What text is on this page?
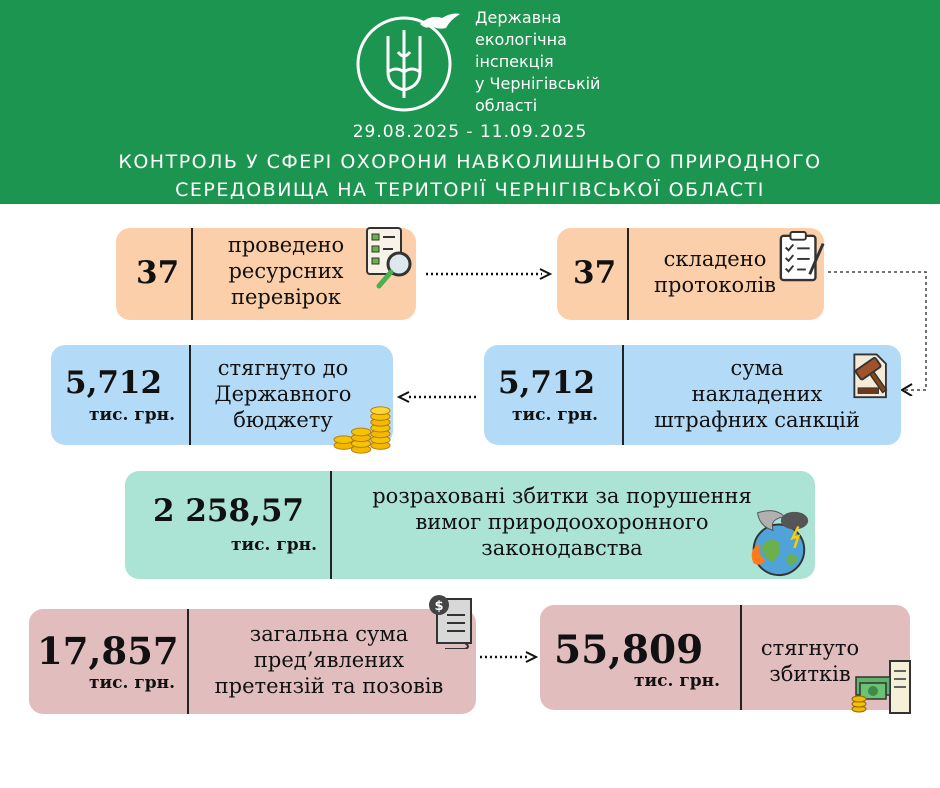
Державна
екологічна
інспекція
у Чернігівській
області
29.08.2025 - 11.09.2025
КОНТРОЛЬ У СФЕРІ ОХОРОНИ НАВКОЛИШНЬОГО ПРИРОДНОГО
СЕРЕДОВИЩА НА ТЕРИТОРІЇ ЧЕРНІГІВСЬКОЇ ОБЛАСТІ
37
проведено
ресурсних
перевірок
37	складено
протоколів
5,712
тис. грн.
стягнуто до
Державного
бюджету
5,712
тис. грн.
сума
накладених
штрафних санкцій
2 258,57
тис. грн.
розраховані збитки за порушення
вимог природоохоронного
законодавства
17,857
тис. грн.
загальна сума
пред’явлених
претензій та позовів
$
55,809
тис. грн.
стягнуто
збитків
